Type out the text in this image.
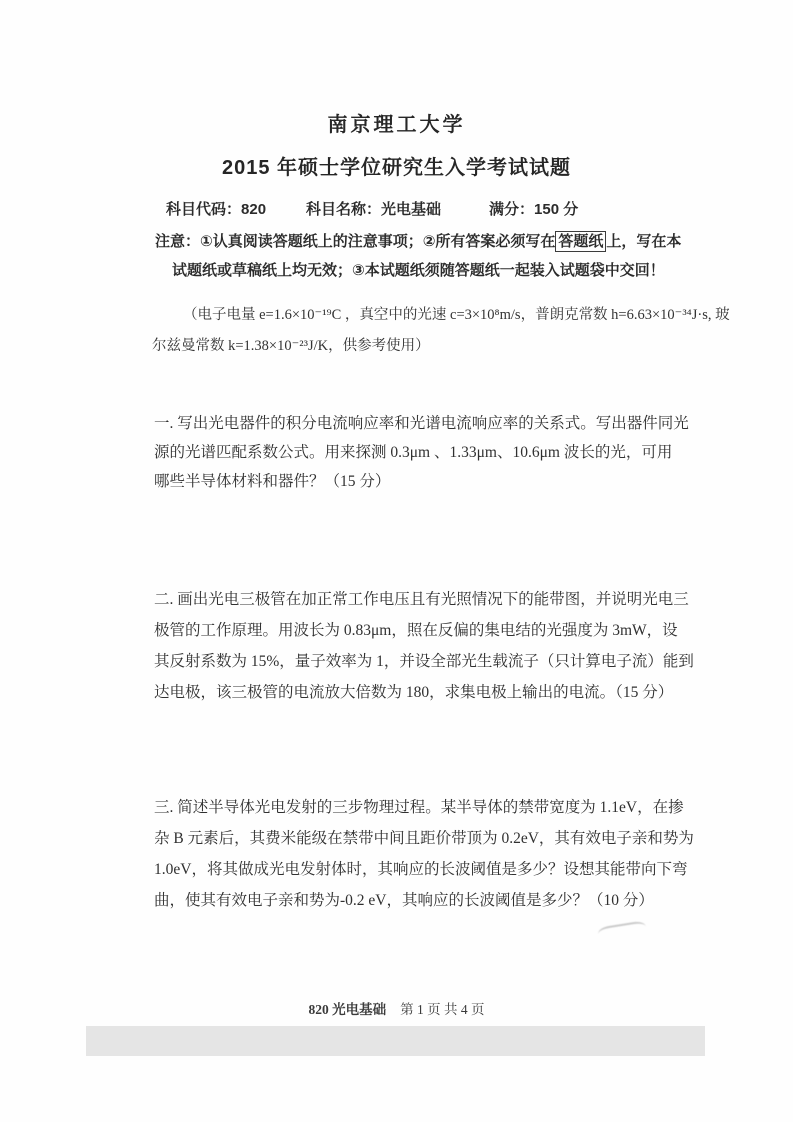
南京理工大学
2015 年硕士学位研究生入学考试试题
科目代码：820	科目名称：光电基础	满分：150 分
注意：①认真阅读答题纸上的注意事项；②所有答案必须写在 答题纸 上，写在本
试题纸或草稿纸上均无效；③本试题纸须随答题纸一起装入试题袋中交回！
（电子电量 e=1.6×10⁻¹⁹C ，真空中的光速 c=3×10⁸m/s，普朗克常数 h=6.63×10⁻³⁴J·s, 玻
尔兹曼常数 k=1.38×10⁻²³J/K，供参考使用）
一. 写出光电器件的积分电流响应率和光谱电流响应率的关系式。写出器件同光
源的光谱匹配系数公式。用来探测 0.3μm 、1.33μm、10.6μm 波长的光，可用
哪些半导体材料和器件？（15 分）
二. 画出光电三极管在加正常工作电压且有光照情况下的能带图，并说明光电三
极管的工作原理。用波长为 0.83μm，照在反偏的集电结的光强度为 3mW，设
其反射系数为 15%，量子效率为 1，并设全部光生载流子（只计算电子流）能到
达电极，该三极管的电流放大倍数为 180，求集电极上输出的电流。（15 分）
三. 简述半导体光电发射的三步物理过程。某半导体的禁带宽度为 1.1eV，在掺
杂 B 元素后，其费米能级在禁带中间且距价带顶为 0.2eV，其有效电子亲和势为
1.0eV，将其做成光电发射体时，其响应的长波阈值是多少？设想其能带向下弯
曲，使其有效电子亲和势为-0.2 eV，其响应的长波阈值是多少？（10 分）
820 光电基础 第 1 页 共 4 页
